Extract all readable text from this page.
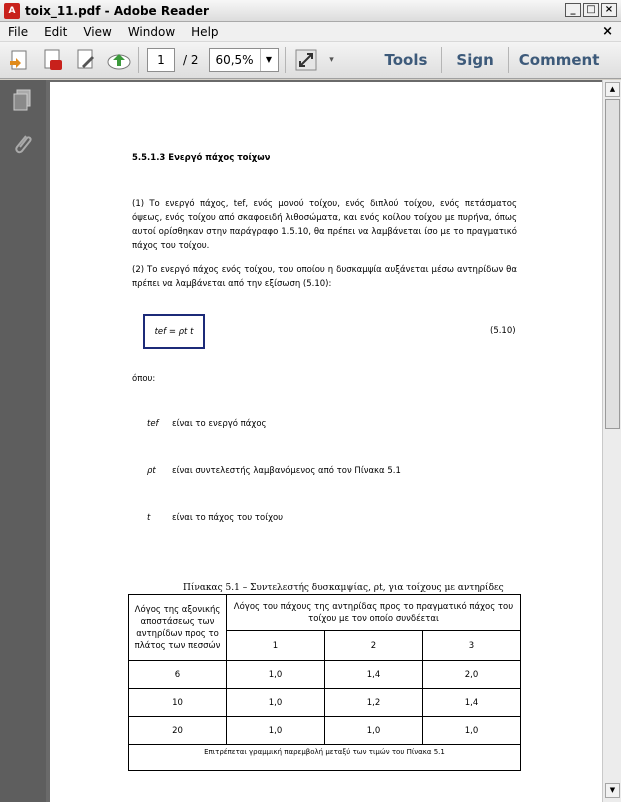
A toix_11.pdf - Adobe Reader	_	□ ×
File	Edit	View	Window	Help	×
1	/ 2	60,5%	▼	▾	Tools Sign Comment
5.5.1.3 Ενεργό πάχος τοίχων
(1) Το ενεργό πάχος, tef, ενός μονού τοίχου, ενός διπλού τοίχου, ενός πετάσματος όψεως, ενός τοίχου από σκαφοειδή λιθοσώματα, και ενός κοίλου τοίχου με πυρήνα, όπως αυτοί ορίσθηκαν στην παράγραφο 1.5.10, θα πρέπει να λαμβάνεται ίσο με το πραγματικό πάχος του τοίχου.
(2) Το ενεργό πάχος ενός τοίχου, του οποίου η δυσκαμψία αυξάνεται μέσω αντηρίδων θα πρέπει να λαμβάνεται από την εξίσωση (5.10):
tef = ρt t	(5.10)
όπου:
tef είναι το ενεργό πάχος
ρt είναι συντελεστής λαμβανόμενος από τον Πίνακα 5.1
t	είναι το πάχος του τοίχου
Πίνακας 5.1 – Συντελεστής δυσκαμψίας, ρt, για τοίχους με αντηρίδες
Λόγος της αξονικής αποστάσεως των αντηρίδων προς το πλάτος των πεσσών	Λόγος του πάχους της αντηρίδας προς το πραγματικό πάχος του τοίχου με τον οποίο συνδέεται		
	1	2	3
6	1,0	1,4	2,0
10	1,0	1,2	1,4
20	1,0	1,0	1,0
Επιτρέπεται γραμμική παρεμβολή μεταξύ των τιμών του Πίνακα 5.1			
▲
▼
